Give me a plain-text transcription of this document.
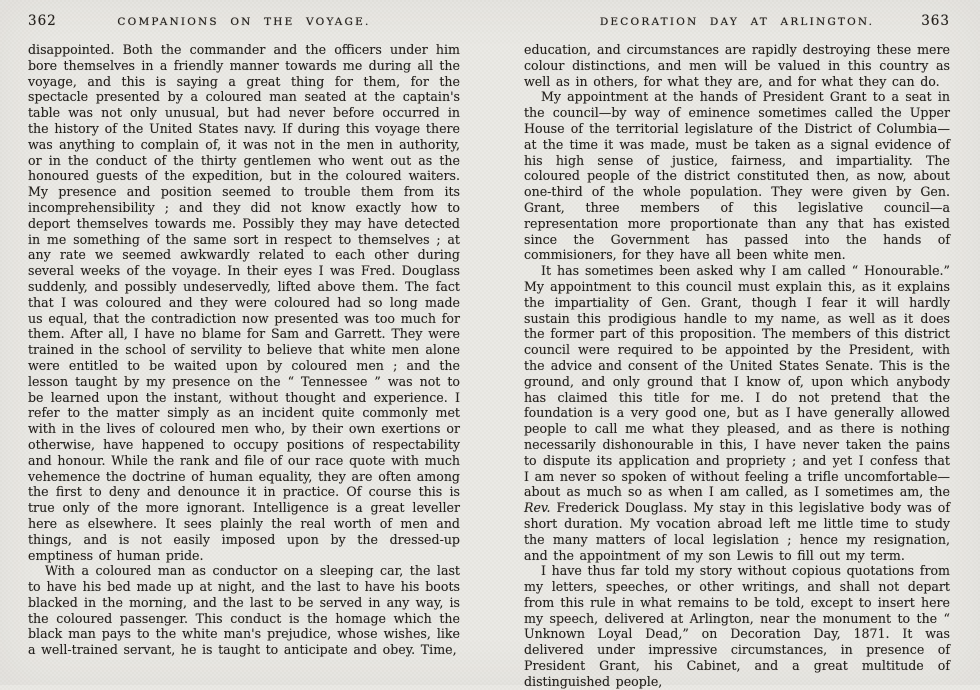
362	COMPANIONS ON THE VOYAGE.

disappointed. Both the commander and the officers under him bore themselves in a friendly manner towards me during all the voyage, and this is saying a great thing for them, for the spectacle presented by a coloured man seated at the captain's table was not only unusual, but had never before occurred in the history of the United States navy. If during this voyage there was anything to complain of, it was not in the men in authority, or in the conduct of the thirty gentlemen who went out as the honoured guests of the expedition, but in the coloured waiters. My presence and position seemed to trouble them from its incomprehensibility ; and they did not know exactly how to deport themselves towards me. Possibly they may have detected in me something of the same sort in respect to themselves ; at any rate we seemed awkwardly related to each other during several weeks of the voyage. In their eyes I was Fred. Douglass suddenly, and possibly undeservedly, lifted above them. The fact that I was coloured and they were coloured had so long made us equal, that the contradiction now presented was too much for them. After all, I have no blame for Sam and Garrett. They were trained in the school of servility to believe that white men alone were entitled to be waited upon by coloured men ; and the lesson taught by my presence on the “ Tennessee ” was not to be learned upon the instant, without thought and experience. I refer to the matter simply as an incident quite commonly met with in the lives of coloured men who, by their own exertions or otherwise, have happened to occupy positions of respectability and honour. While the rank and file of our race quote with much vehemence the doctrine of human equality, they are often among the first to deny and denounce it in practice. Of course this is true only of the more ignorant. Intelligence is a great leveller here as elsewhere. It sees plainly the real worth of men and things, and is not easily imposed upon by the dressed-up emptiness of human pride.

With a coloured man as conductor on a sleeping car, the last to have his bed made up at night, and the last to have his boots blacked in the morning, and the last to be served in any way, is the coloured passenger. This conduct is the homage which the black man pays to the white man's prejudice, whose wishes, like a well-trained servant, he is taught to anticipate and obey. Time,

DECORATION DAY AT ARLINGTON.	363

education, and circumstances are rapidly destroying these mere colour distinctions, and men will be valued in this country as well as in others, for what they are, and for what they can do.

My appointment at the hands of President Grant to a seat in the council—by way of eminence sometimes called the Upper House of the territorial legislature of the District of Columbia—at the time it was made, must be taken as a signal evidence of his high sense of justice, fairness, and impartiality. The coloured people of the district constituted then, as now, about one-third of the whole population. They were given by Gen. Grant, three members of this legislative council—a representation more proportionate than any that has existed since the Government has passed into the hands of commisioners, for they have all been white men.

It has sometimes been asked why I am called “ Honourable.” My appointment to this council must explain this, as it explains the impartiality of Gen. Grant, though I fear it will hardly sustain this prodigious handle to my name, as well as it does the former part of this proposition. The members of this district council were required to be appointed by the President, with the advice and consent of the United States Senate. This is the ground, and only ground that I know of, upon which anybody has claimed this title for me. I do not pretend that the foundation is a very good one, but as I have generally allowed people to call me what they pleased, and as there is nothing necessarily dishonourable in this, I have never taken the pains to dispute its application and propriety ; and yet I confess that I am never so spoken of without feeling a trifle uncomfortable—about as much so as when I am called, as I sometimes am, the Rev. Frederick Douglass. My stay in this legislative body was of short duration. My vocation abroad left me little time to study the many matters of local legislation ; hence my resignation, and the appointment of my son Lewis to fill out my term.

I have thus far told my story without copious quotations from my letters, speeches, or other writings, and shall not depart from this rule in what remains to be told, except to insert here my speech, delivered at Arlington, near the monument to the “ Unknown Loyal Dead,” on Decoration Day, 1871. It was delivered under impressive circumstances, in presence of President Grant, his Cabinet, and a great multitude of distinguished people,
